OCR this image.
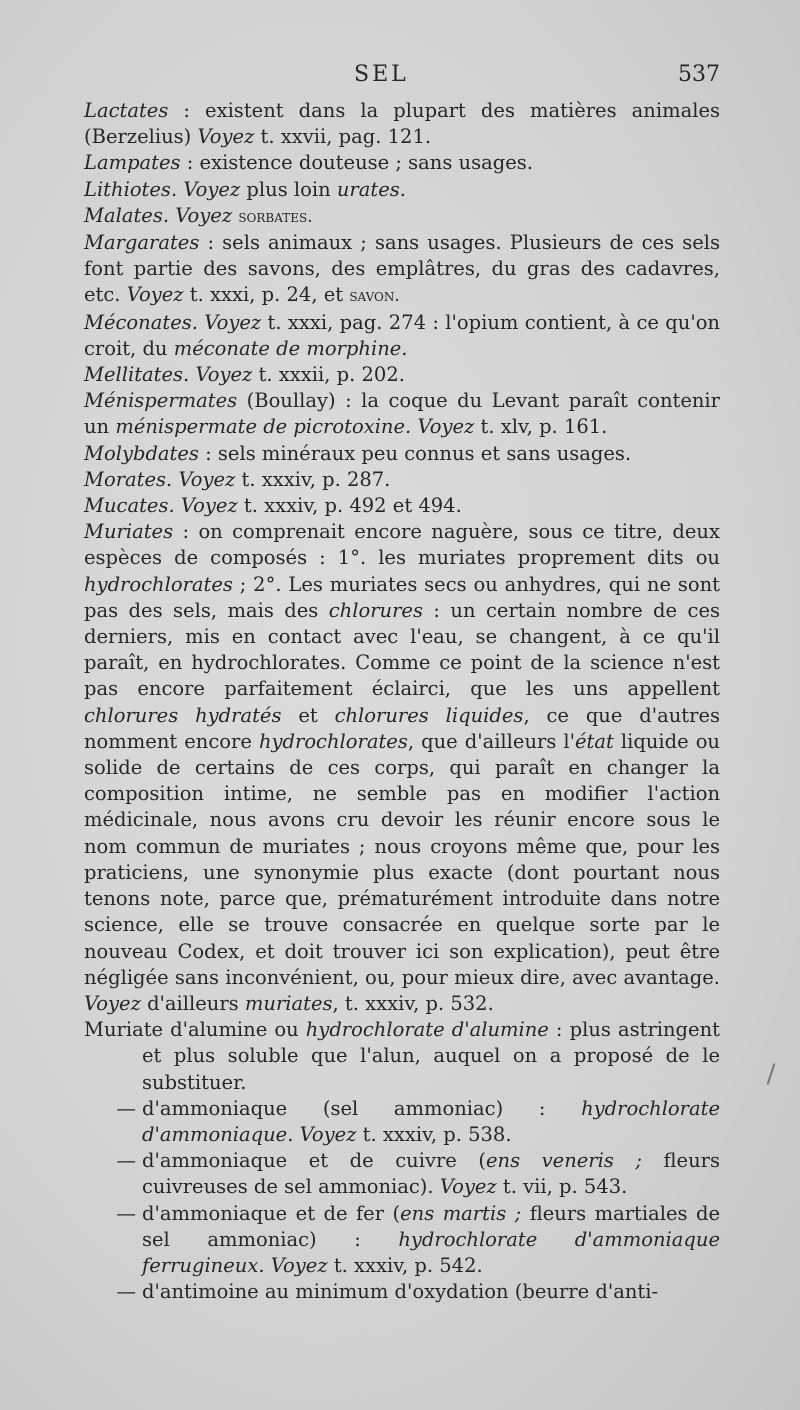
SEL	537

Lactates : existent dans la plupart des matières animales (Berzelius) Voyez t. xxvii, pag. 121.

Lampates : existence douteuse ; sans usages.

Lithiotes. Voyez plus loin urates.

Malates. Voyez sorbates.

Margarates : sels animaux ; sans usages. Plusieurs de ces sels font partie des savons, des emplâtres, du gras des cadavres, etc. Voyez t. xxxi, p. 24, et savon.

Méconates. Voyez t. xxxi, pag. 274 : l'opium contient, à ce qu'on croit, du méconate de morphine.

Mellitates. Voyez t. xxxii, p. 202.

Ménispermates (Boullay) : la coque du Levant paraît contenir un ménispermate de picrotoxine. Voyez t. xlv, p. 161.

Molybdates : sels minéraux peu connus et sans usages.

Morates. Voyez t. xxxiv, p. 287.

Mucates. Voyez t. xxxiv, p. 492 et 494.

Muriates : on comprenait encore naguère, sous ce titre, deux espèces de composés : 1°. les muriates proprement dits ou hydrochlorates ; 2°. Les muriates secs ou anhydres, qui ne sont pas des sels, mais des chlorures : un certain nombre de ces derniers, mis en contact avec l'eau, se changent, à ce qu'il paraît, en hydrochlorates. Comme ce point de la science n'est pas encore parfaitement éclairci, que les uns appellent chlorures hydratés et chlorures liquides, ce que d'autres nomment encore hydrochlorates, que d'ailleurs l'état liquide ou solide de certains de ces corps, qui paraît en changer la composition intime, ne semble pas en modifier l'action médicinale, nous avons cru devoir les réunir encore sous le nom commun de muriates ; nous croyons même que, pour les praticiens, une synonymie plus exacte (dont pourtant nous tenons note, parce que, prématurément introduite dans notre science, elle se trouve consacrée en quelque sorte par le nouveau Codex, et doit trouver ici son explication), peut être négligée sans inconvénient, ou, pour mieux dire, avec avantage. Voyez d'ailleurs muriates, t. xxxiv, p. 532.

Muriate d'alumine ou hydrochlorate d'alumine : plus astringent et plus soluble que l'alun, auquel on a proposé de le substituer.

— d'ammoniaque (sel ammoniac) : hydrochlorate d'ammoniaque. Voyez t. xxxiv, p. 538.

— d'ammoniaque et de cuivre (ens veneris ; fleurs cuivreuses de sel ammoniac). Voyez t. vii, p. 543.

— d'ammoniaque et de fer (ens martis ; fleurs martiales de sel ammoniac) : hydrochlorate d'ammoniaque ferrugineux. Voyez t. xxxiv, p. 542.

— d'antimoine au minimum d'oxydation (beurre d'anti-
